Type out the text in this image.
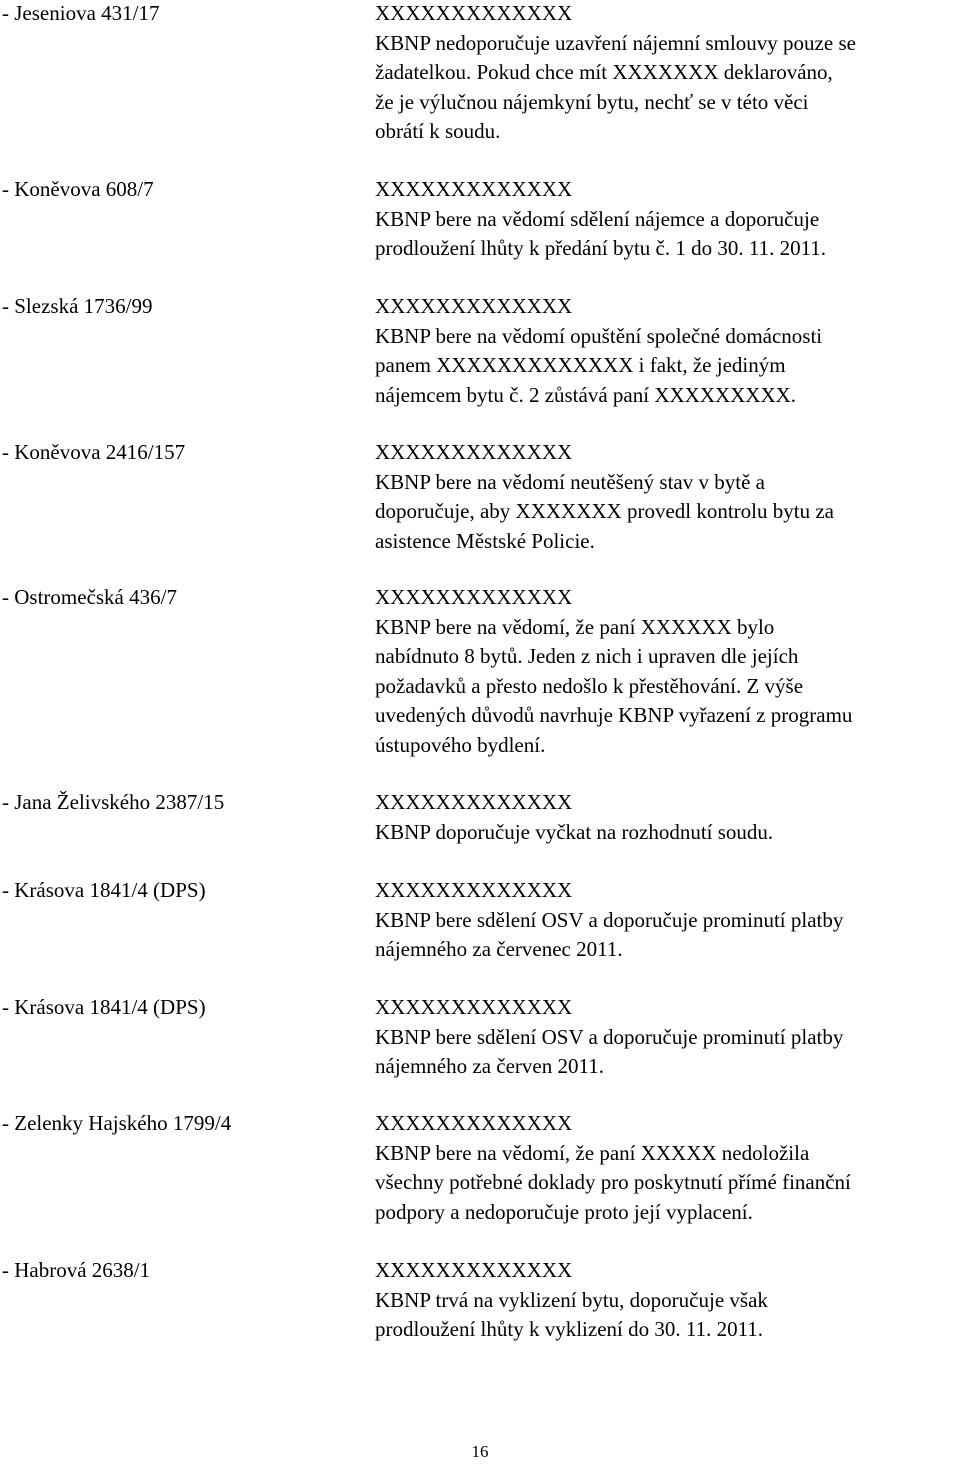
- Jeseniova 431/17	XXXXXXXXXXXXX
KBNP nedoporučuje uzavření nájemní smlouvy pouze se
žadatelkou. Pokud chce mít XXXXXXX deklarováno,
že je výlučnou nájemkyní bytu, nechť se v této věci
obrátí k soudu.
- Koněvova 608/7	XXXXXXXXXXXXX
KBNP bere na vědomí sdělení nájemce a doporučuje
prodloužení lhůty k předání bytu č. 1 do 30. 11. 2011.
- Slezská 1736/99	XXXXXXXXXXXXX
KBNP bere na vědomí opuštění společné domácnosti
panem XXXXXXXXXXXXX i fakt, že jediným
nájemcem bytu č. 2 zůstává paní XXXXXXXXX.
- Koněvova 2416/157	XXXXXXXXXXXXX
KBNP bere na vědomí neutěšený stav v bytě a
doporučuje, aby XXXXXXX provedl kontrolu bytu za
asistence Městské Policie.
- Ostromečská 436/7	XXXXXXXXXXXXX
KBNP bere na vědomí, že paní XXXXXX bylo
nabídnuto 8 bytů. Jeden z nich i upraven dle jejích
požadavků a přesto nedošlo k přestěhování. Z výše
uvedených důvodů navrhuje KBNP vyřazení z programu
ústupového bydlení.
- Jana Želivského 2387/15	XXXXXXXXXXXXX
KBNP doporučuje vyčkat na rozhodnutí soudu.
- Krásova 1841/4 (DPS)	XXXXXXXXXXXXX
KBNP bere sdělení OSV a doporučuje prominutí platby
nájemného za červenec 2011.
- Krásova 1841/4 (DPS)	XXXXXXXXXXXXX
KBNP bere sdělení OSV a doporučuje prominutí platby
nájemného za červen 2011.
- Zelenky Hajského 1799/4	XXXXXXXXXXXXX
KBNP bere na vědomí, že paní XXXXX nedoložila
všechny potřebné doklady pro poskytnutí přímé finanční
podpory a nedoporučuje proto její vyplacení.
- Habrová 2638/1	XXXXXXXXXXXXX
KBNP trvá na vyklizení bytu, doporučuje však
prodloužení lhůty k vyklizení do 30. 11. 2011.
16
